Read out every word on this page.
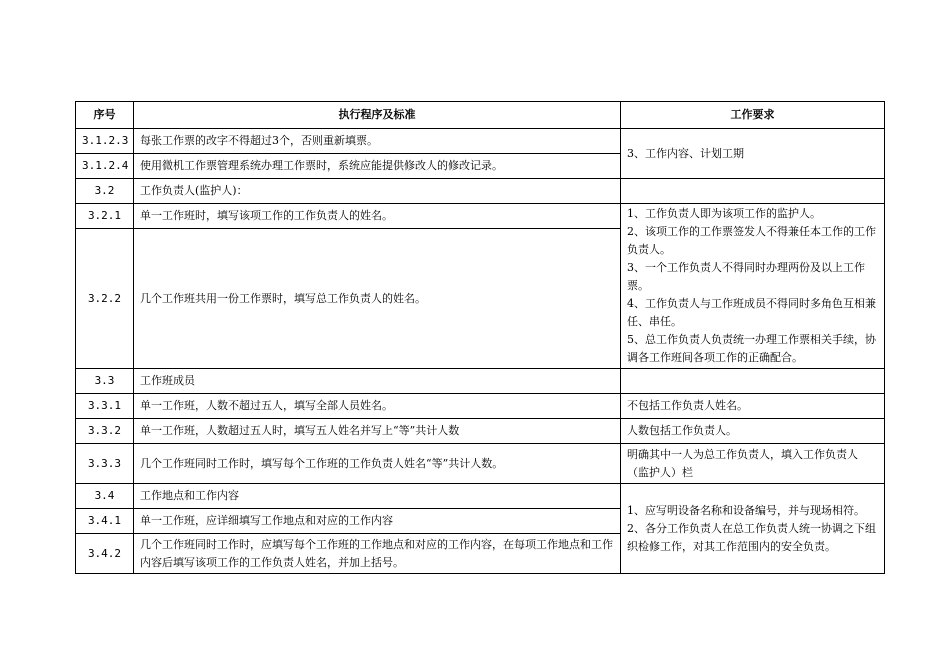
序号	执行程序及标准	工作要求
3.1.2.3	每张工作票的改字不得超过3个，否则重新填票。	3、工作内容、计划工期
3.1.2.4	使用微机工作票管理系统办理工作票时，系统应能提供修改人的修改记录。	
3.2	工作负责人(监护人)：	
3.2.1	单一工作班时，填写该项工作的工作负责人的姓名。	1、工作负责人即为该项工作的监护人。
2、该项工作的工作票签发人不得兼任本工作的工作负责人。
3、一个工作负责人不得同时办理两份及以上工作票。
4、工作负责人与工作班成员不得同时多角色互相兼任、串任。
5、总工作负责人负责统一办理工作票相关手续，协调各工作班间各项工作的正确配合。

3.2.2	几个工作班共用一份工作票时，填写总工作负责人的姓名。	
3.3	工作班成员	
3.3.1	单一工作班，人数不超过五人，填写全部人员姓名。	不包括工作负责人姓名。
3.3.2	单一工作班，人数超过五人时，填写五人姓名并写上“等”共计人数	人数包括工作负责人。
3.3.3	几个工作班同时工作时，填写每个工作班的工作负责人姓名“等”共计人数。	明确其中一人为总工作负责人，填入工作负责人（监护人）栏
3.4	工作地点和工作内容	1、应写明设备名称和设备编号，并与现场相符。
2、各分工作负责人在总工作负责人统一协调之下组织检修工作，对其工作范围内的安全负责。

3.4.1	单一工作班，应详细填写工作地点和对应的工作内容	
3.4.2	几个工作班同时工作时，应填写每个工作班的工作地点和对应的工作内容，在每项工作地点和工作内容后填写该项工作的工作负责人姓名，并加上括号。	
